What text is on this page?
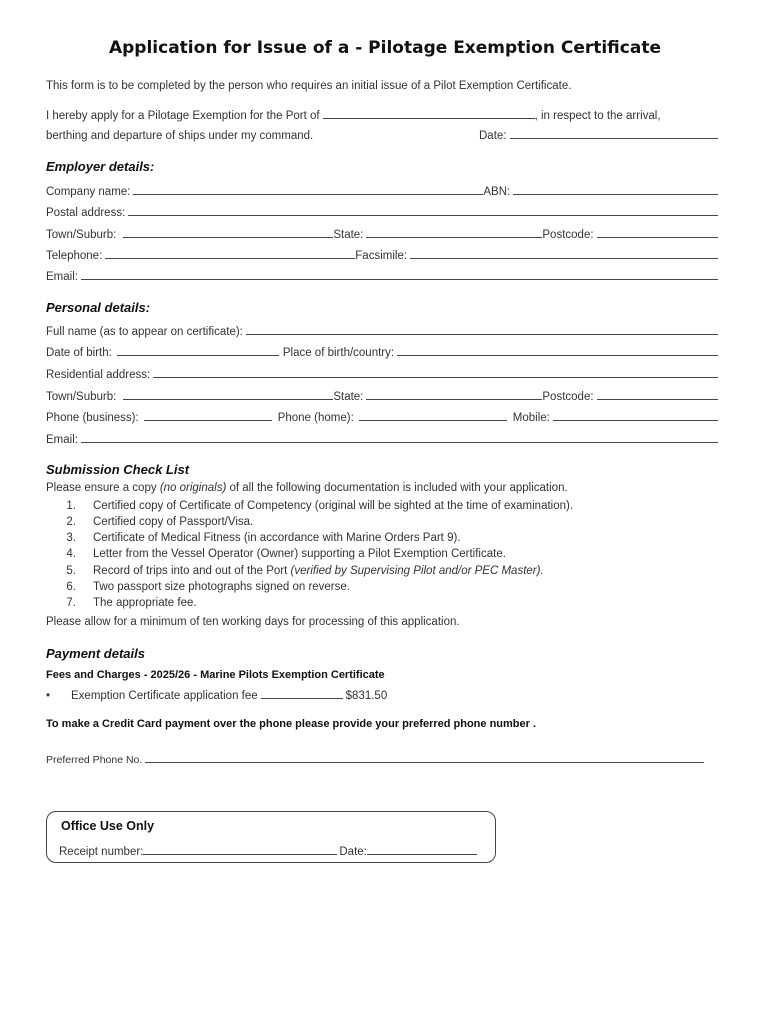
Application for Issue of a - Pilotage Exemption Certificate
This form is to be completed by the person who requires an initial issue of a Pilot Exemption Certificate.
I hereby apply for a Pilotage Exemption for the Port of	, in respect to the arrival,
berthing and departure of ships under my command.	Date:
Employer details:
Company name:	ABN:
Postal address:
Town/Suburb:	State:	Postcode:
Telephone:	Facsimile:
Email:
Personal details:
Full name (as to appear on certificate):
Date of birth:	Place of birth/country:
Residential address:
Town/Suburb:	State:	Postcode:
Phone (business):	Phone (home):	Mobile:
Email:
Submission Check List
Please ensure a copy (no originals) of all the following documentation is included with your application.
1. Certified copy of Certificate of Competency (original will be sighted at the time of examination).
2. Certified copy of Passport/Visa.
3. Certificate of Medical Fitness (in accordance with Marine Orders Part 9).
4. Letter from the Vessel Operator (Owner) supporting a Pilot Exemption Certificate.
5. Record of trips into and out of the Port (verified by Supervising Pilot and/or PEC Master).
6. Two passport size photographs signed on reverse.
7. The appropriate fee.
Please allow for a minimum of ten working days for processing of this application.
Payment details
Fees and Charges - 2025/26 - Marine Pilots Exemption Certificate
•	Exemption Certificate application fee	$831.50
To make a Credit Card payment over the phone please provide your preferred phone number .
Preferred Phone No.
Office Use Only
Receipt number:	Date:
